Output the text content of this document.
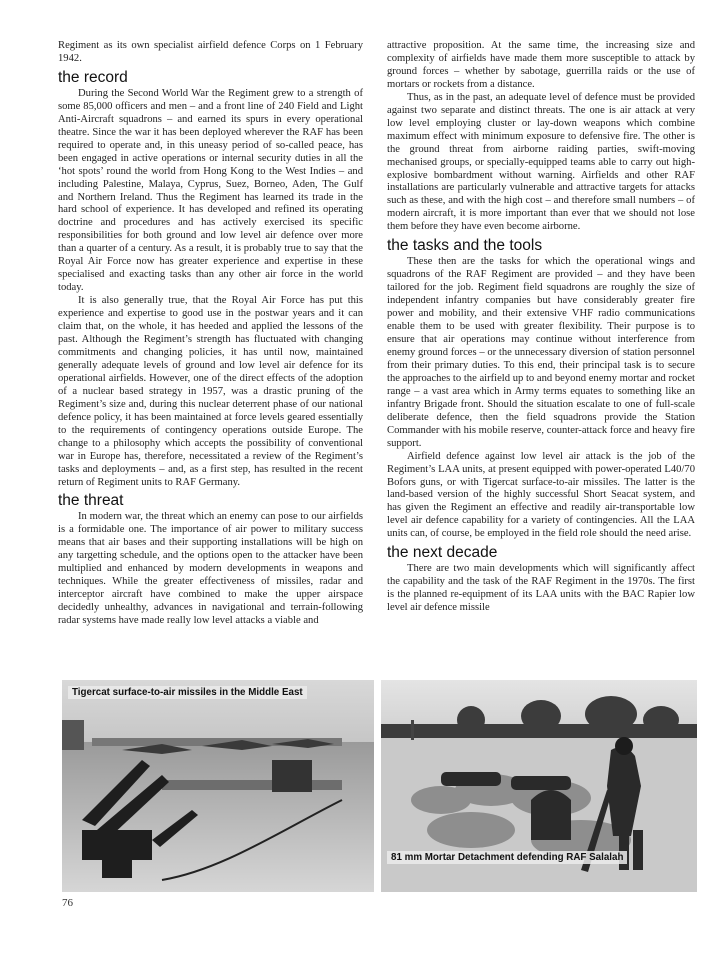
Regiment as its own specialist airfield defence Corps on 1 February 1942.

the record

During the Second World War the Regiment grew to a strength of some 85,000 officers and men – and a front line of 240 Field and Light Anti-Aircraft squadrons – and earned its spurs in every operational theatre. Since the war it has been deployed wherever the RAF has been required to operate and, in this uneasy period of so-called peace, has been engaged in active operations or internal security duties in all the ‘hot spots’ round the world from Hong Kong to the West Indies – and including Palestine, Malaya, Cyprus, Suez, Borneo, Aden, The Gulf and Northern Ireland. Thus the Regiment has learned its trade in the hard school of experience. It has developed and refined its operating doctrine and procedures and has actively exercised its specific responsibilities for both ground and low level air defence over more than a quarter of a century. As a result, it is probably true to say that the Royal Air Force now has greater experience and expertise in these specialised and exacting tasks than any other air force in the world today.

It is also generally true, that the Royal Air Force has put this experience and expertise to good use in the postwar years and it can claim that, on the whole, it has heeded and applied the lessons of the past. Although the Regiment’s strength has fluctuated with changing commitments and changing policies, it has until now, maintained generally adequate levels of ground and low level air defence for its operational airfields. However, one of the direct effects of the adoption of a nuclear based strategy in 1957, was a drastic pruning of the Regiment’s size and, during this nuclear deterrent phase of our national defence policy, it has been maintained at force levels geared essentially to the requirements of contingency operations outside Europe. The change to a philosophy which accepts the possibility of conventional war in Europe has, therefore, necessitated a review of the Regiment’s tasks and deployments – and, as a first step, has resulted in the recent return of Regiment units to RAF Germany.

the threat

In modern war, the threat which an enemy can pose to our airfields is a formidable one. The importance of air power to military success means that air bases and their supporting installations will be high on any targetting schedule, and the options open to the attacker have been multiplied and enhanced by modern developments in weapons and techniques. While the greater effectiveness of missiles, radar and interceptor aircraft have combined to make the upper airspace decidedly unhealthy, advances in navigational and terrain-following radar systems have made really low level attacks a viable and

attractive proposition. At the same time, the increasing size and complexity of airfields have made them more susceptible to attack by ground forces – whether by sabotage, guerrilla raids or the use of mortars or rockets from a distance.

Thus, as in the past, an adequate level of defence must be provided against two separate and distinct threats. The one is air attack at very low level employing cluster or lay-down weapons which combine maximum effect with minimum exposure to defensive fire. The other is the ground threat from airborne raiding parties, swift-moving mechanised groups, or specially-equipped teams able to carry out high-explosive bombardment without warning. Airfields and other RAF installations are particularly vulnerable and attractive targets for attacks such as these, and with the high cost – and therefore small numbers – of modern aircraft, it is more important than ever that we should not lose them before they have even become airborne.

the tasks and the tools

These then are the tasks for which the operational wings and squadrons of the RAF Regiment are provided – and they have been tailored for the job. Regiment field squadrons are roughly the size of independent infantry companies but have considerably greater fire power and mobility, and their extensive VHF radio communications enable them to be used with greater flexibility. Their purpose is to ensure that air operations may continue without interference from enemy ground forces – or the unnecessary diversion of station personnel from their primary duties. To this end, their principal task is to secure the approaches to the airfield up to and beyond enemy mortar and rocket range – a vast area which in Army terms equates to something like an infantry Brigade front. Should the situation escalate to one of full-scale deliberate defence, then the field squadrons provide the Station Commander with his mobile reserve, counter-attack force and heavy fire support.

Airfield defence against low level air attack is the job of the Regiment’s LAA units, at present equipped with power-operated L40/70 Bofors guns, or with Tigercat surface-to-air missiles. The latter is the land-based version of the highly successful Short Seacat system, and has given the Regiment an effective and readily air-transportable low level air defence capability for a variety of contingencies. All the LAA units can, of course, be employed in the field role should the need arise.

the next decade

There are two main developments which will significantly affect the capability and the task of the RAF Regiment in the 1970s. The first is the planned re-equipment of its LAA units with the BAC Rapier low level air defence missile

Tigercat surface-to-air missiles in the Middle East
81 mm Mortar Detachment defending RAF Salalah
76
